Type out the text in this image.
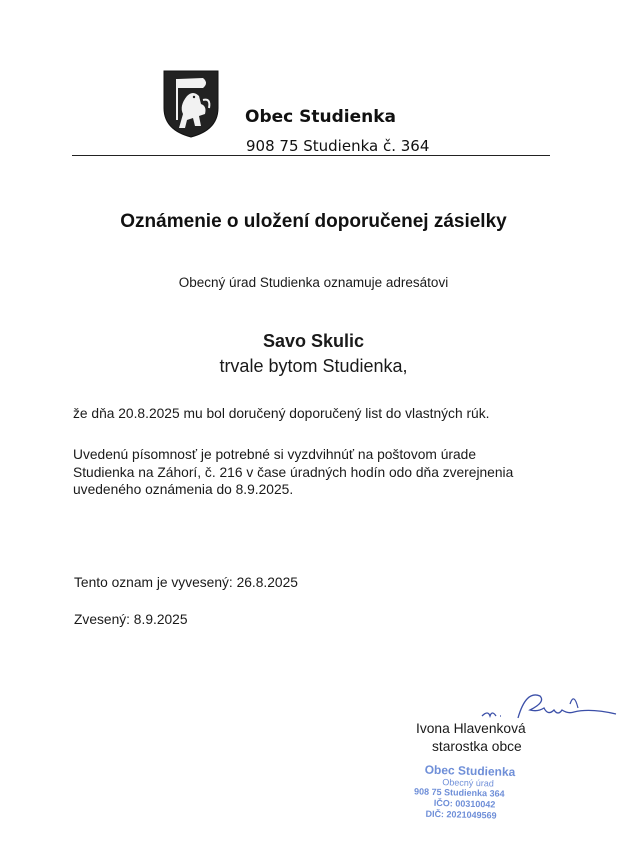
Obec Studienka
908 75 Studienka č. 364
Oznámenie o uložení doporučenej zásielky
Obecný úrad Studienka oznamuje adresátovi
Savo Skulic
trvale bytom Studienka,
že dňa 20.8.2025 mu bol doručený doporučený list do vlastných rúk.
Uvedenú písomnosť je potrebné si vyzdvihnúť na poštovom úrade
Studienka na Záhorí, č. 216 v čase úradných hodín odo dňa zverejnenia
uvedeného oznámenia do 8.9.2025.
Tento oznam je vyvesený: 26.8.2025
Zvesený: 8.9.2025
Ivona Hlavenková
starostka obce
Obec Studienka
Obecný úrad
908 75 Studienka 364
IČO: 00310042
DIČ: 2021049569
